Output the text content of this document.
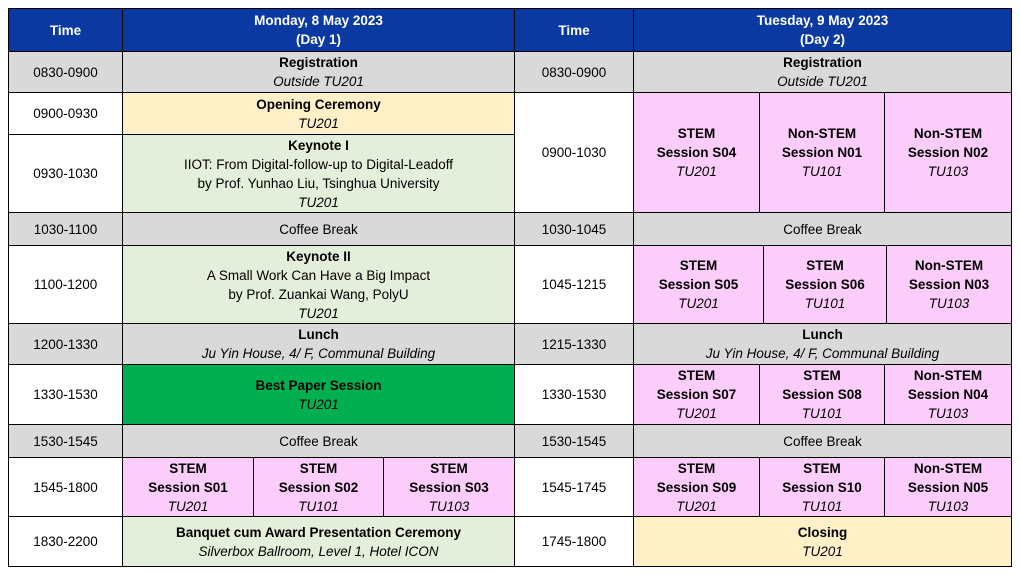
Time
Monday, 8 May 2023
(Day 1)
Time
Tuesday, 9 May 2023
(Day 2)
0830-0900
0900-0930
0930-1030
1030-1100
1100-1200
1200-1330
1330-1530
1530-1545
1545-1800
1830-2200
Registration
Outside TU201
Opening Ceremony
TU201
Keynote I
IIOT: From Digital-follow-up to Digital-Leadoff
by Prof. Yunhao Liu, Tsinghua University
TU201
Coffee Break
Keynote II
A Small Work Can Have a Big Impact
by Prof. Zuankai Wang, PolyU
TU201
Lunch
Ju Yin House, 4/ F, Communal Building
Best Paper Session
TU201
Coffee Break
STEM
Session S01
TU201
STEM
Session S02
TU101
STEM
Session S03
TU103
Banquet cum Award Presentation Ceremony
Silverbox Ballroom, Level 1, Hotel ICON
0830-0900
0900-1030
1030-1045
1045-1215
1215-1330
1330-1530
1530-1545
1545-1745
1745-1800
Registration
Outside TU201
STEM
Session S04
TU201
Non-STEM
Session N01
TU101
Non-STEM
Session N02
TU103
Coffee Break
STEM
Session S05
TU201
STEM
Session S06
TU101
Non-STEM
Session N03
TU103
Lunch
Ju Yin House, 4/ F, Communal Building
STEM
Session S07
TU201
STEM
Session S08
TU101
Non-STEM
Session N04
TU103
Coffee Break
STEM
Session S09
TU201
STEM
Session S10
TU101
Non-STEM
Session N05
TU103
Closing
TU201
